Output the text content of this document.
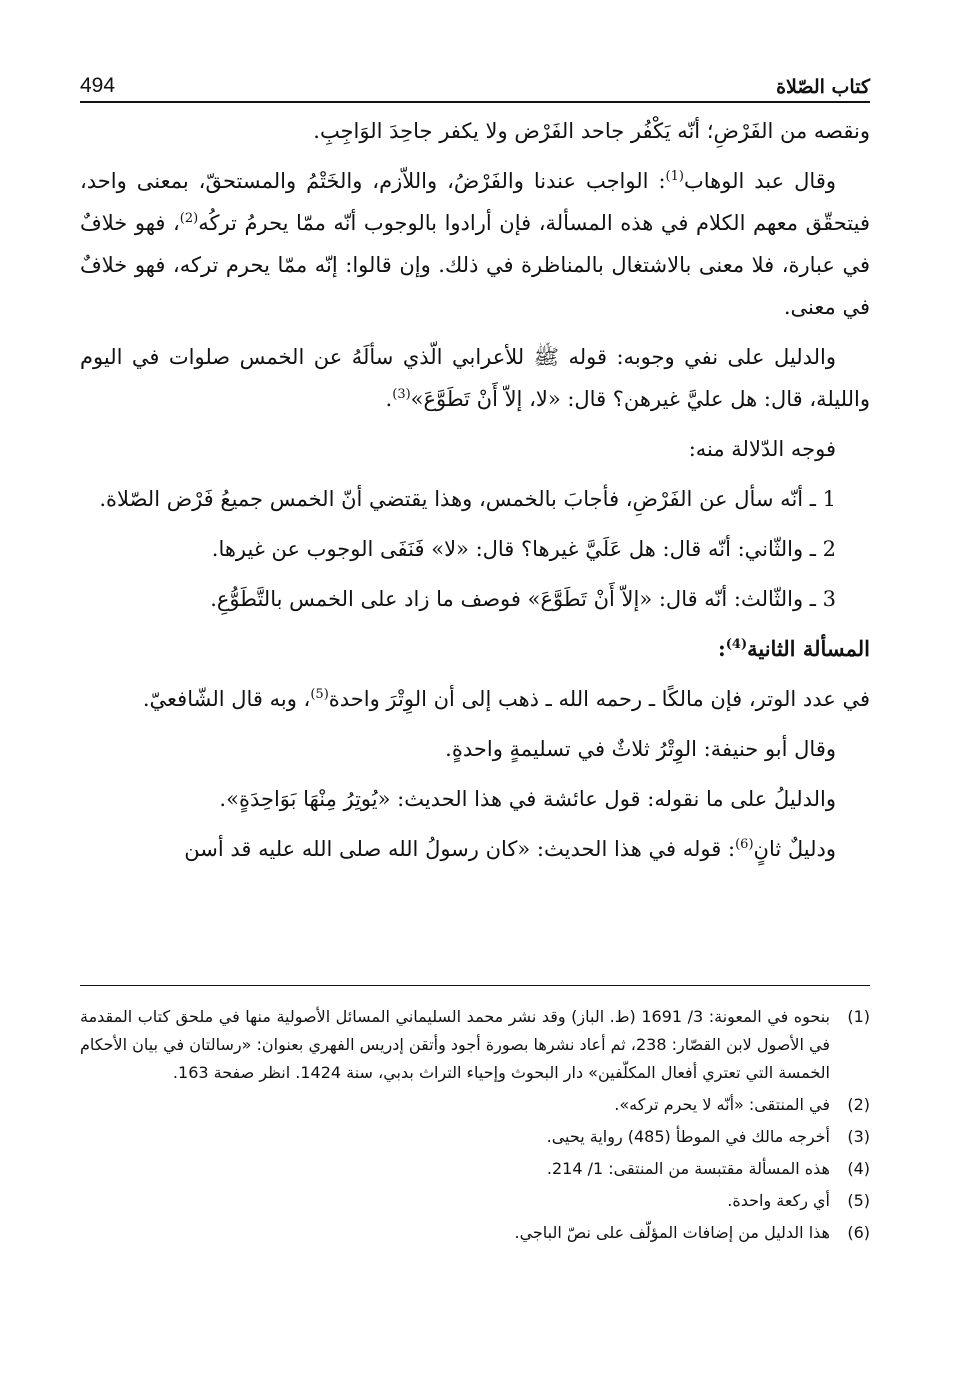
494	كتاب الصّلاة

ونقصه من الفَرْضِ؛ أنّه يَكْفُر جاحد الفَرْض ولا يكفر جاحِدَ الوَاجِبِ.

وقال عبد الوهاب$^{(1)}$: الواجب عندنا والفَرْضُ، واللاّزم، والخَتْمُ والمستحقّ، بمعنى واحد، فيتحقّق معهم الكلام في هذه المسألة، فإن أرادوا بالوجوب أنّه ممّا يحرمُ تركُه$^{(2)}$، فهو خلافٌ في عبارة، فلا معنى بالاشتغال بالمناظرة في ذلك. وإن قالوا: إنّه ممّا يحرم تركه، فهو خلافٌ في معنى.

والدليل على نفي وجوبه: قوله ﷺ للأعرابي الّذي سألَهُ عن الخمس صلوات في اليوم والليلة، قال: هل عليَّ غيرهن؟ قال: «لا، إلاّ أَنْ تَطَوَّعَ»$^{(3)}$.

فوجه الدّلالة منه:

1 ـ أنّه سأل عن الفَرْضِ، فأجابَ بالخمس، وهذا يقتضي أنّ الخمس جميعُ فَرْض الصّلاة.

2 ـ والثّاني: أنّه قال: هل عَلَيَّ غيرها؟ قال: «لا» فَنَفَى الوجوب عن غيرها.

3 ـ والثّالث: أنّه قال: «إلاّ أَنْ تَطَوَّعَ» فوصف ما زاد على الخمس بالتَّطَوُّعِ.

المسألة الثانية$^{(4)}$:

في عدد الوتر، فإن مالكًا ـ رحمه الله ـ ذهب إلى أن الوِتْرَ واحدة$^{(5)}$، وبه قال الشّافعيّ.

وقال أبو حنيفة: الوِتْرُ ثلاثٌ في تسليمةٍ واحدةٍ.

والدليلُ على ما نقوله: قول عائشة في هذا الحديث: «يُوتِرُ مِنْهَا بَوَاحِدَةٍ».

ودليلٌ ثانٍ$^{(6)}$: قوله في هذا الحديث: «كان رسولُ الله صلى الله عليه قد أسن

(1)
بنحوه في المعونة: 3/ 1691 (ط. الباز) وقد نشر محمد السليماني المسائل الأصولية منها في ملحق كتاب المقدمة في الأصول لابن القصّار: 238، ثم أعاد نشرها بصورة أجود وأتقن إدريس الفهري بعنوان: «رسالتان في بيان الأحكام الخمسة التي تعتري أفعال المكلّفين» دار البحوث وإحياء التراث بدبي، سنة 1424. انظر صفحة 163.
(2)
في المنتقى: «أنّه لا يحرم تركه».
(3)
أخرجه مالك في الموطأ (485) رواية يحيى.
(4)
هذه المسألة مقتبسة من المنتقى: 1/ 214.
(5)
أي ركعة واحدة.
(6)
هذا الدليل من إضافات المؤلّف على نصّ الباجي.
